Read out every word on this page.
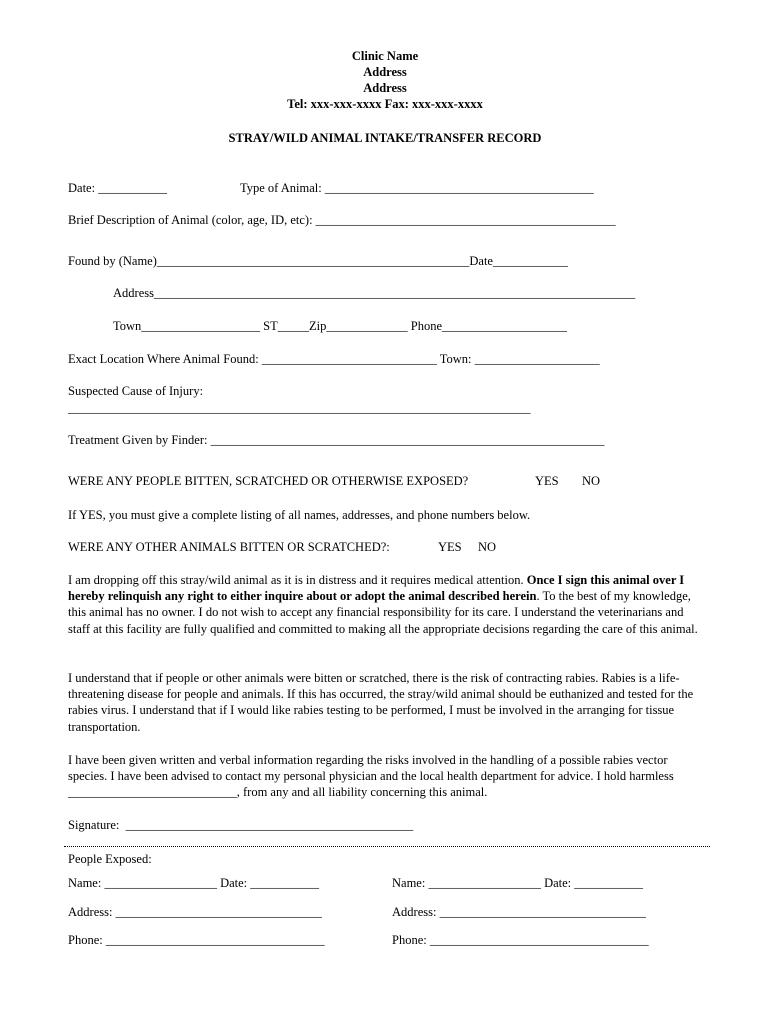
Clinic Name
Address
Address
Tel: xxx-xxx-xxxx Fax: xxx-xxx-xxxx
STRAY/WILD ANIMAL INTAKE/TRANSFER RECORD
Date: ___________	Type of Animal: ___________________________________________
Brief Description of Animal (color, age, ID, etc): ________________________________________________
Found by (Name)__________________________________________________Date____________
Address_____________________________________________________________________________
Town___________________ ST_____Zip_____________ Phone____________________
Exact Location Where Animal Found: ____________________________ Town: ____________________
Suspected Cause of Injury:
__________________________________________________________________________
Treatment Given by Finder: _______________________________________________________________
WERE ANY PEOPLE BITTEN, SCRATCHED OR OTHERWISE EXPOSED?	YES NO
If YES, you must give a complete listing of all names, addresses, and phone numbers below.
WERE ANY OTHER ANIMALS BITTEN OR SCRATCHED?:	YES NO
I am dropping off this stray/wild animal as it is in distress and it requires medical attention. Once I sign this animal over I hereby relinquish any right to either inquire about or adopt the animal described herein. To the best of my knowledge, this animal has no owner. I do not wish to accept any financial responsibility for its care. I understand the veterinarians and staff at this facility are fully qualified and committed to making all the appropriate decisions regarding the care of this animal.
I understand that if people or other animals were bitten or scratched, there is the risk of contracting rabies. Rabies is a life-threatening disease for people and animals. If this has occurred, the stray/wild animal should be euthanized and tested for the rabies virus. I understand that if I would like rabies testing to be performed, I must be involved in the arranging for tissue transportation.
I have been given written and verbal information regarding the risks involved in the handling of a possible rabies vector species. I have been advised to contact my personal physician and the local health department for advice. I hold harmless ___________________________, from any and all liability concerning this animal.
Signature:  ______________________________________________
People Exposed:
Name: __________________ Date: ___________	Name: __________________ Date: ___________
Address: _________________________________	Address: _________________________________
Phone: ___________________________________	Phone: ___________________________________
